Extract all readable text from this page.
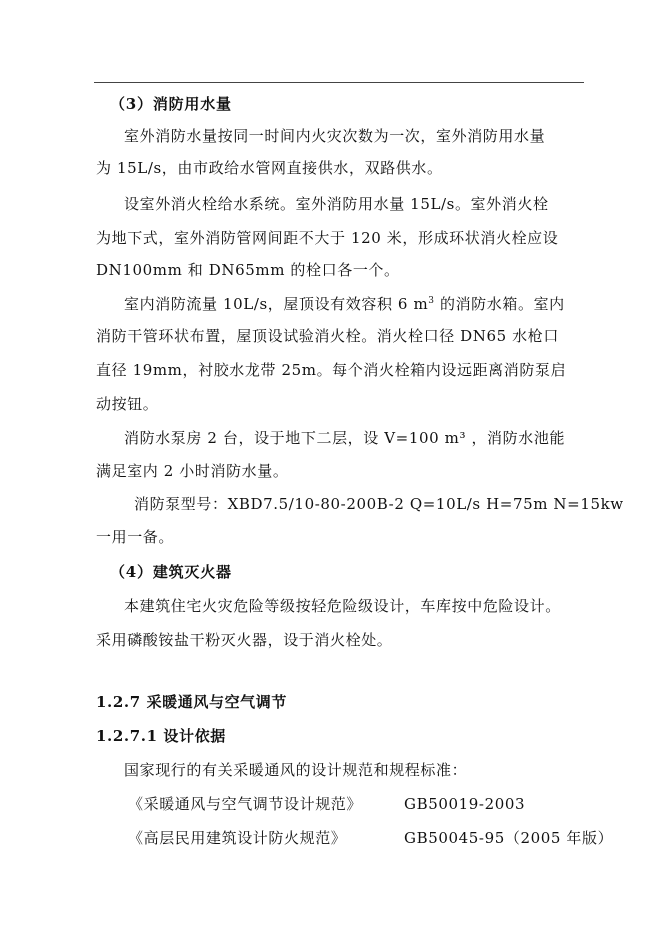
（3）消防用水量
室外消防水量按同一时间内火灾次数为一次，室外消防用水量
为 15L/s，由市政给水管网直接供水，双路供水。
设室外消火栓给水系统。室外消防用水量 15L/s。室外消火栓
为地下式，室外消防管网间距不大于 120 米，形成环状消火栓应设
DN100mm 和 DN65mm 的栓口各一个。
室内消防流量 10L/s，屋顶设有效容积 6 $m^3$ 的消防水箱。室内
消防干管环状布置，屋顶设试验消火栓。消火栓口径 DN65 水枪口
直径 19mm，衬胶水龙带 25m。每个消火栓箱内设远距离消防泵启
动按钮。
消防水泵房 2 台，设于地下二层，设 V=100 m³ ，消防水池能
满足室内 2 小时消防水量。
消防泵型号：XBD7.5/10-80-200B-2 Q=10L/s H=75m N=15kw
一用一备。
（4）建筑灭火器
本建筑住宅火灾危险等级按轻危险级设计，车库按中危险设计。
采用磷酸铵盐干粉灭火器，设于消火栓处。
1.2.7 采暖通风与空气调节
1.2.7.1 设计依据
国家现行的有关采暖通风的设计规范和规程标准：
《采暖通风与空气调节设计规范》	GB50019-2003
《高层民用建筑设计防火规范》	GB50045-95（2005 年版）
